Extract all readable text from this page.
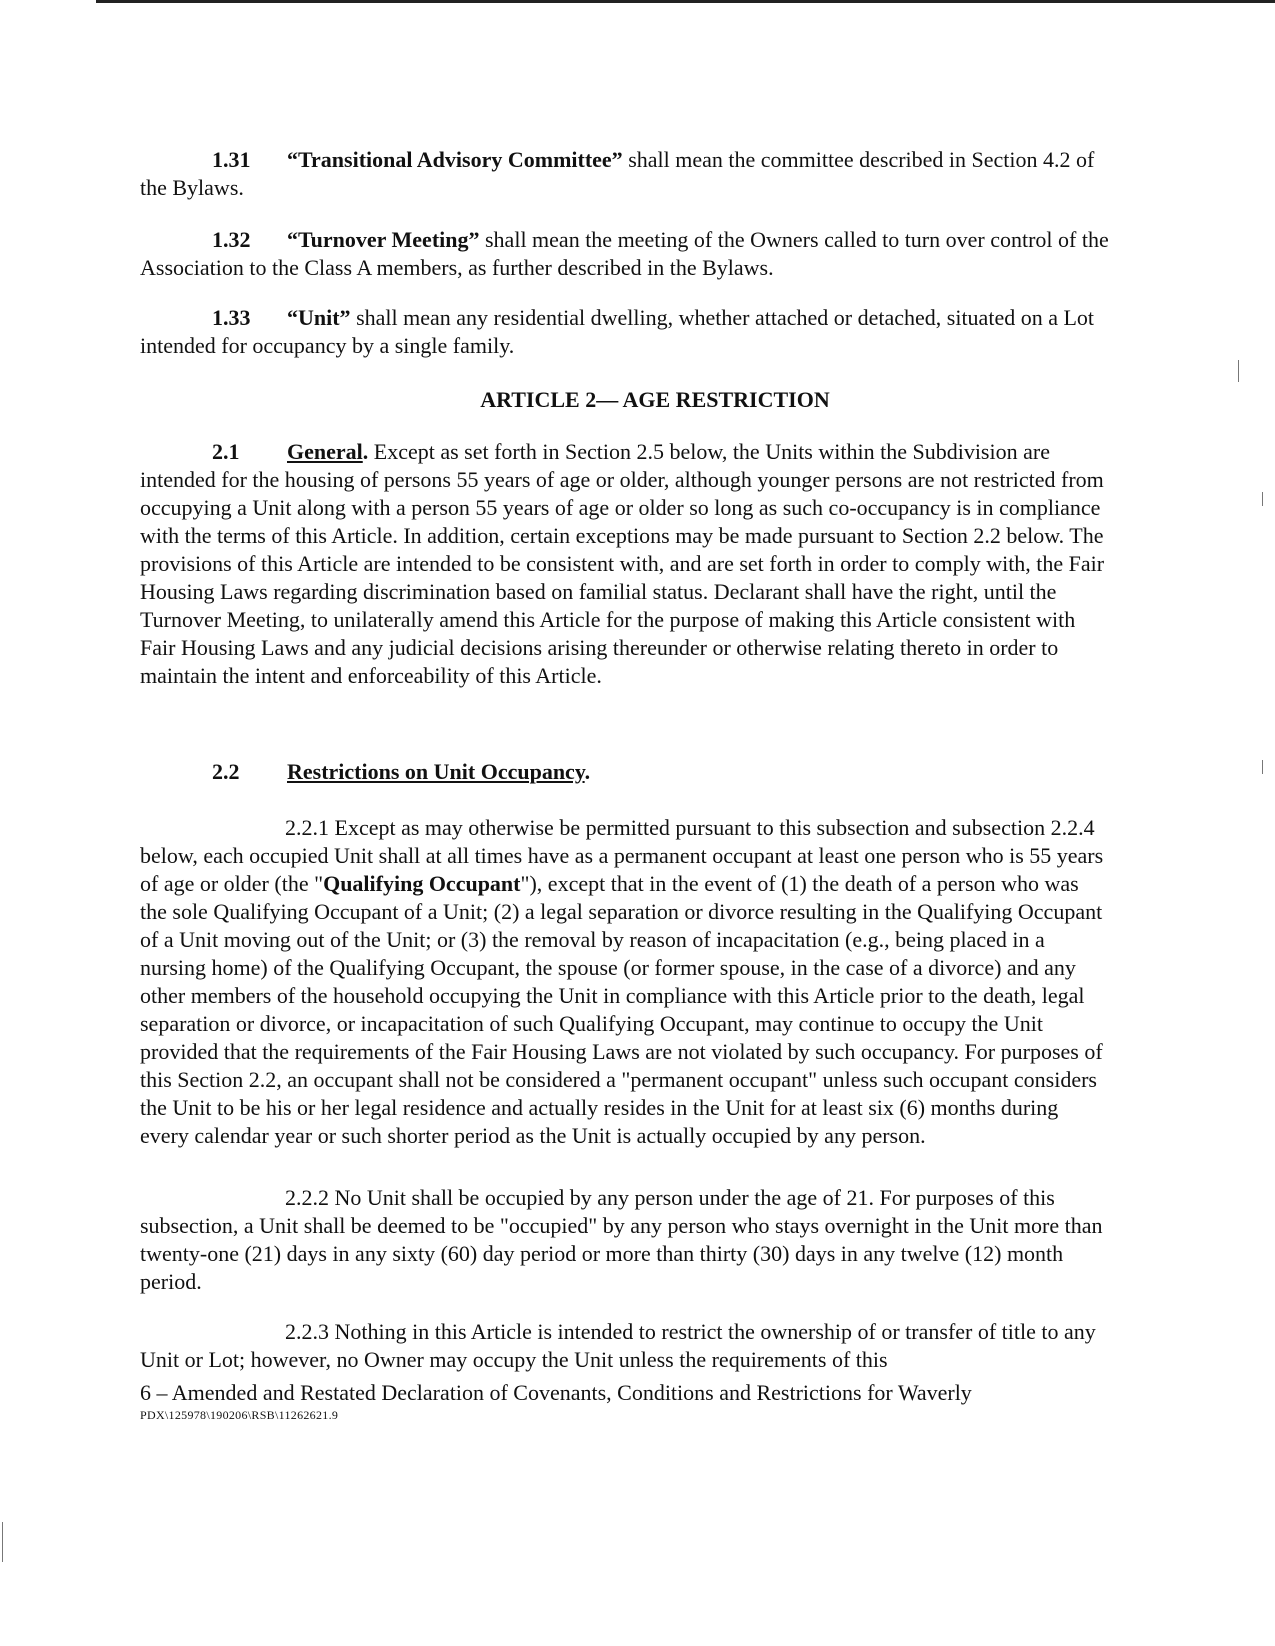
1.31 “Transitional Advisory Committee” shall mean the committee described in Section 4.2 of the Bylaws.
1.32 “Turnover Meeting” shall mean the meeting of the Owners called to turn over control of the Association to the Class A members, as further described in the Bylaws.
1.33 “Unit” shall mean any residential dwelling, whether attached or detached, situated on a Lot intended for occupancy by a single family.
ARTICLE 2— AGE RESTRICTION
2.1 General. Except as set forth in Section 2.5 below, the Units within the Subdivision are intended for the housing of persons 55 years of age or older, although younger persons are not restricted from occupying a Unit along with a person 55 years of age or older so long as such co-occupancy is in compliance with the terms of this Article. In addition, certain exceptions may be made pursuant to Section 2.2 below. The provisions of this Article are intended to be consistent with, and are set forth in order to comply with, the Fair Housing Laws regarding discrimination based on familial status. Declarant shall have the right, until the Turnover Meeting, to unilaterally amend this Article for the purpose of making this Article consistent with Fair Housing Laws and any judicial decisions arising thereunder or otherwise relating thereto in order to maintain the intent and enforceability of this Article.
2.2 Restrictions on Unit Occupancy.
2.2.1 Except as may otherwise be permitted pursuant to this subsection and subsection 2.2.4 below, each occupied Unit shall at all times have as a permanent occupant at least one person who is 55 years of age or older (the "Qualifying Occupant"), except that in the event of (1) the death of a person who was the sole Qualifying Occupant of a Unit; (2) a legal separation or divorce resulting in the Qualifying Occupant of a Unit moving out of the Unit; or (3) the removal by reason of incapacitation (e.g., being placed in a nursing home) of the Qualifying Occupant, the spouse (or former spouse, in the case of a divorce) and any other members of the household occupying the Unit in compliance with this Article prior to the death, legal separation or divorce, or incapacitation of such Qualifying Occupant, may continue to occupy the Unit provided that the requirements of the Fair Housing Laws are not violated by such occupancy. For purposes of this Section 2.2, an occupant shall not be considered a "permanent occupant" unless such occupant considers the Unit to be his or her legal residence and actually resides in the Unit for at least six (6) months during every calendar year or such shorter period as the Unit is actually occupied by any person.
2.2.2 No Unit shall be occupied by any person under the age of 21. For purposes of this subsection, a Unit shall be deemed to be "occupied" by any person who stays overnight in the Unit more than twenty-one (21) days in any sixty (60) day period or more than thirty (30) days in any twelve (12) month period.
2.2.3 Nothing in this Article is intended to restrict the ownership of or transfer of title to any Unit or Lot; however, no Owner may occupy the Unit unless the requirements of this
6 – Amended and Restated Declaration of Covenants, Conditions and Restrictions for Waverly
PDX\125978\190206\RSB\11262621.9
